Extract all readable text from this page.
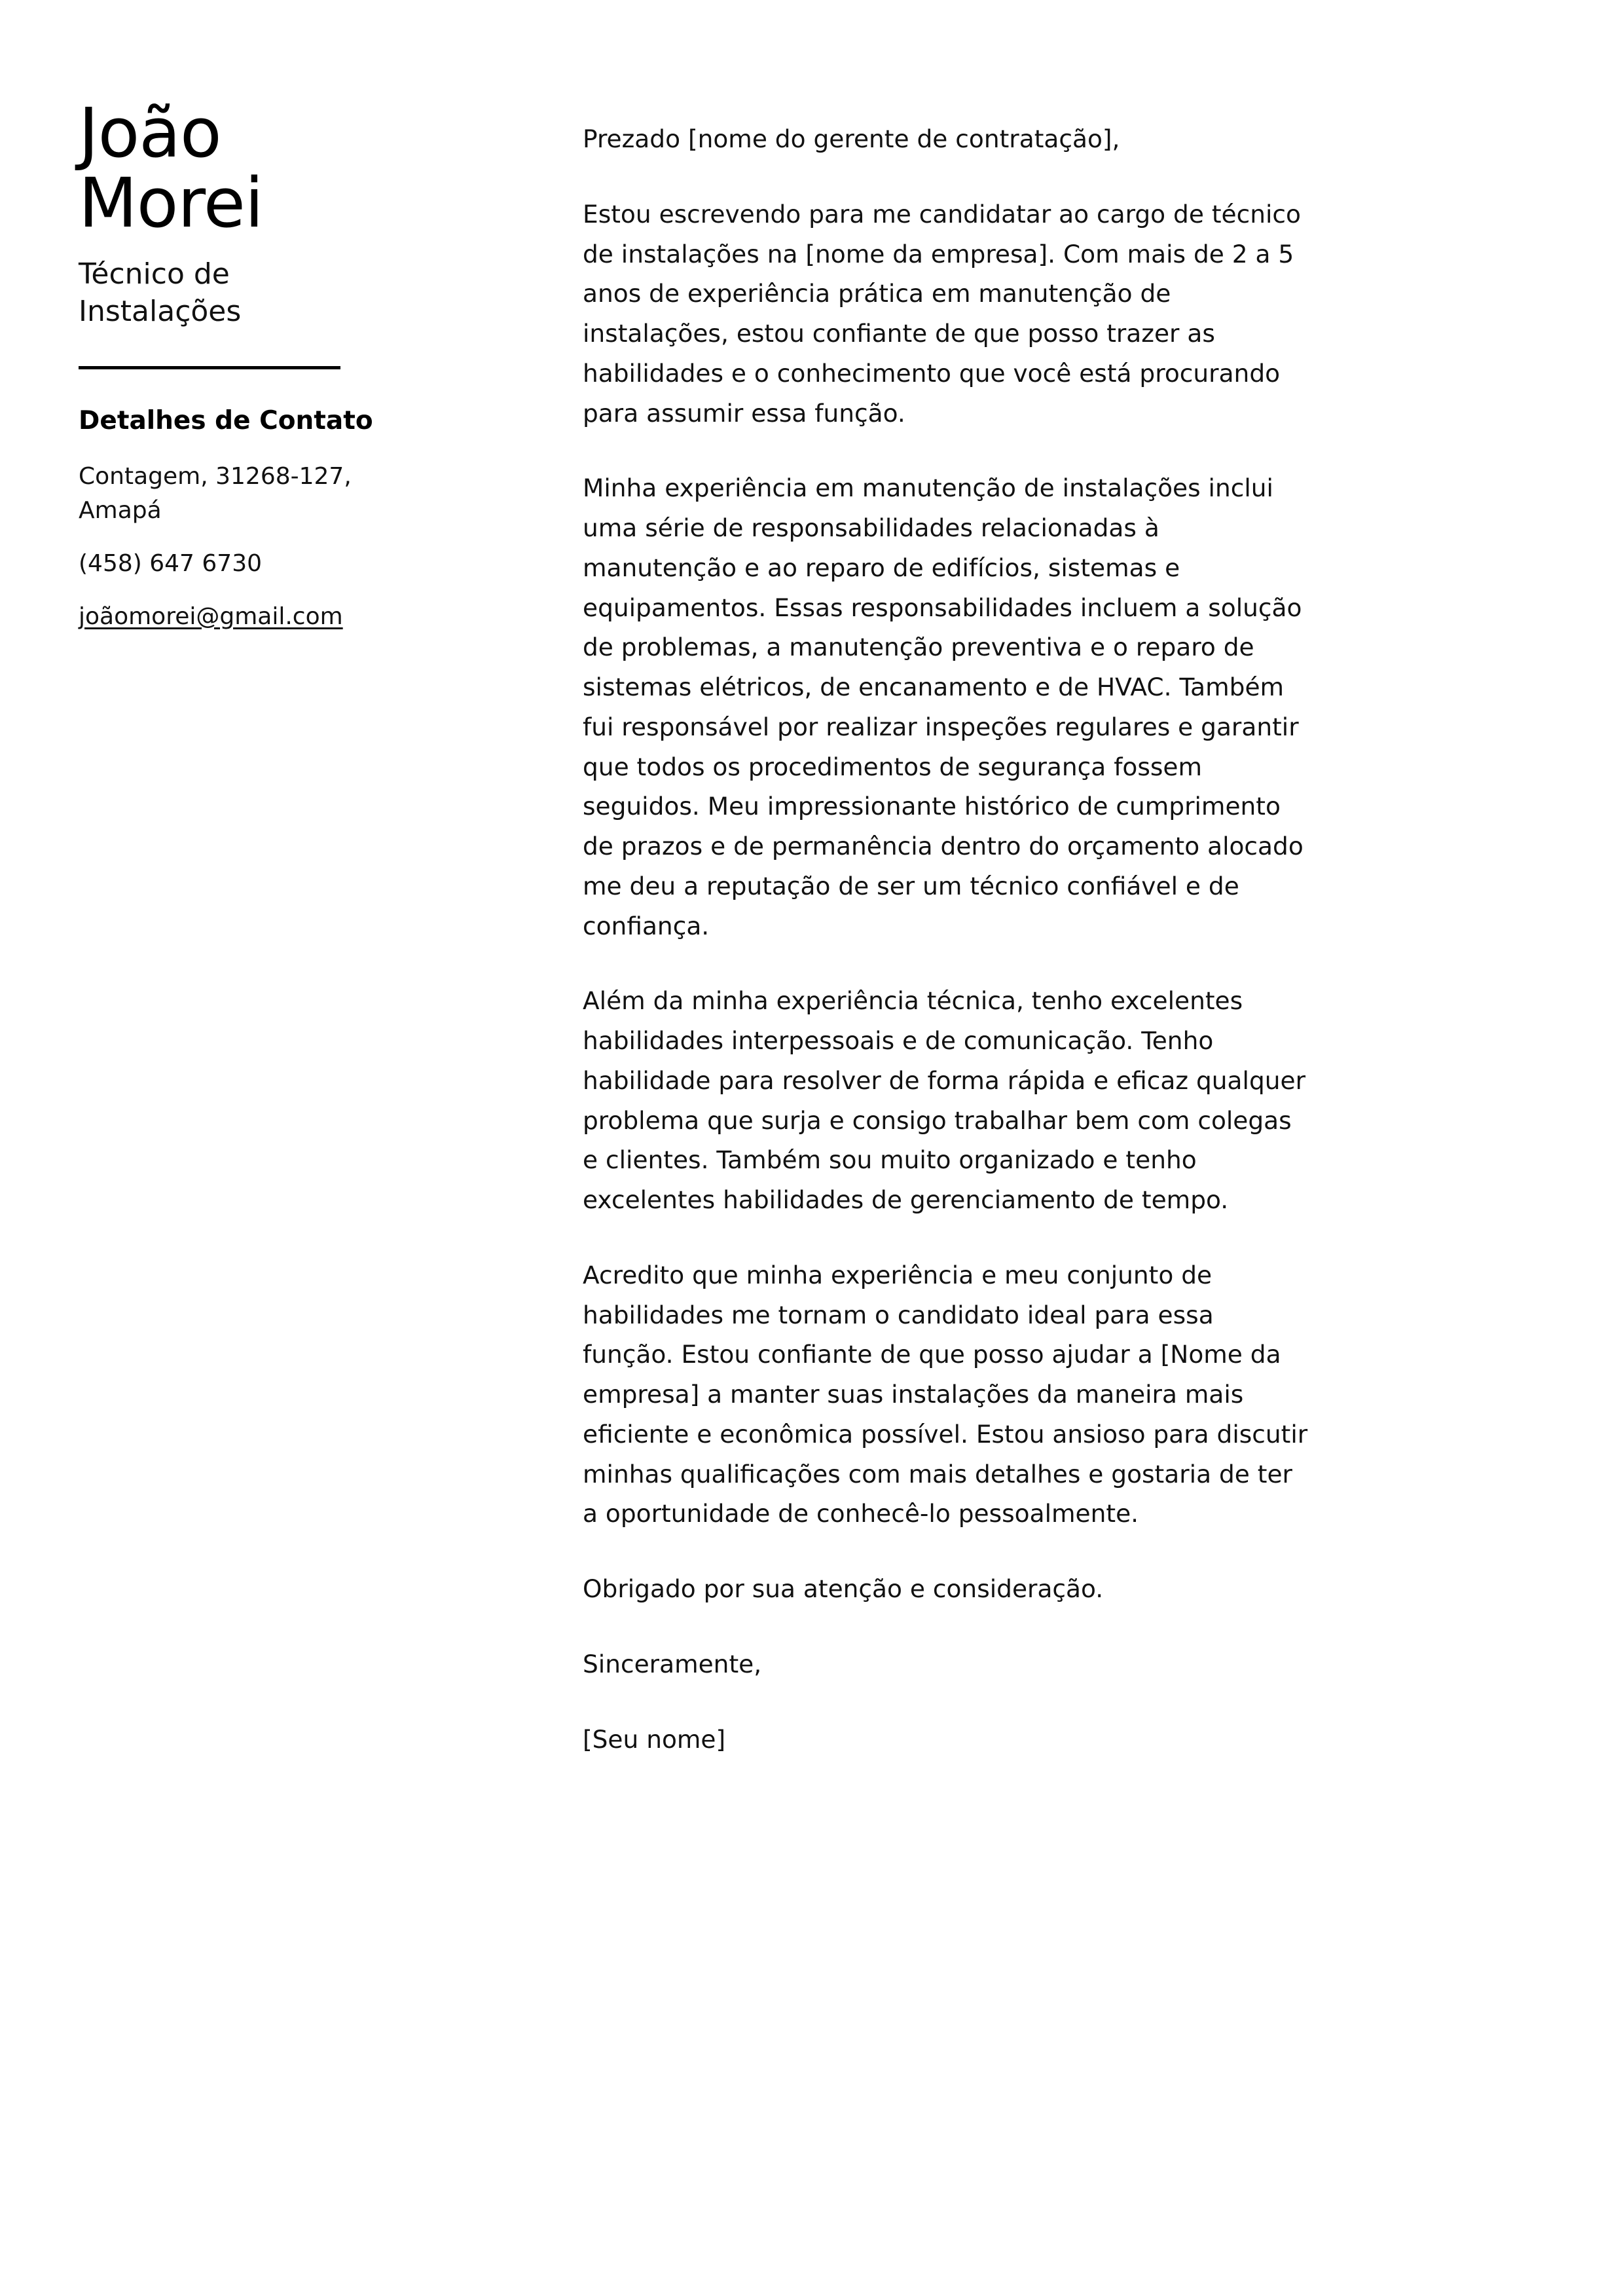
João
Morei
Técnico de Instalações
Detalhes de Contato
Contagem, 31268-127, Amapá
(458) 647 6730
joãomorei@gmail.com

Prezado [nome do gerente de contratação],

Estou escrevendo para me candidatar ao cargo de técnico de instalações na [nome da empresa]. Com mais de 2 a 5 anos de experiência prática em manutenção de instalações, estou confiante de que posso trazer as habilidades e o conhecimento que você está procurando para assumir essa função.

Minha experiência em manutenção de instalações inclui uma série de responsabilidades relacionadas à manutenção e ao reparo de edifícios, sistemas e equipamentos. Essas responsabilidades incluem a solução de problemas, a manutenção preventiva e o reparo de sistemas elétricos, de encanamento e de HVAC. Também fui responsável por realizar inspeções regulares e garantir que todos os procedimentos de segurança fossem seguidos. Meu impressionante histórico de cumprimento de prazos e de permanência dentro do orçamento alocado me deu a reputação de ser um técnico confiável e de confiança.

Além da minha experiência técnica, tenho excelentes habilidades interpessoais e de comunicação. Tenho habilidade para resolver de forma rápida e eficaz qualquer problema que surja e consigo trabalhar bem com colegas e clientes. Também sou muito organizado e tenho excelentes habilidades de gerenciamento de tempo.

Acredito que minha experiência e meu conjunto de habilidades me tornam o candidato ideal para essa função. Estou confiante de que posso ajudar a [Nome da empresa] a manter suas instalações da maneira mais eficiente e econômica possível. Estou ansioso para discutir minhas qualificações com mais detalhes e gostaria de ter a oportunidade de conhecê-lo pessoalmente.

Obrigado por sua atenção e consideração.

Sinceramente,

[Seu nome]
